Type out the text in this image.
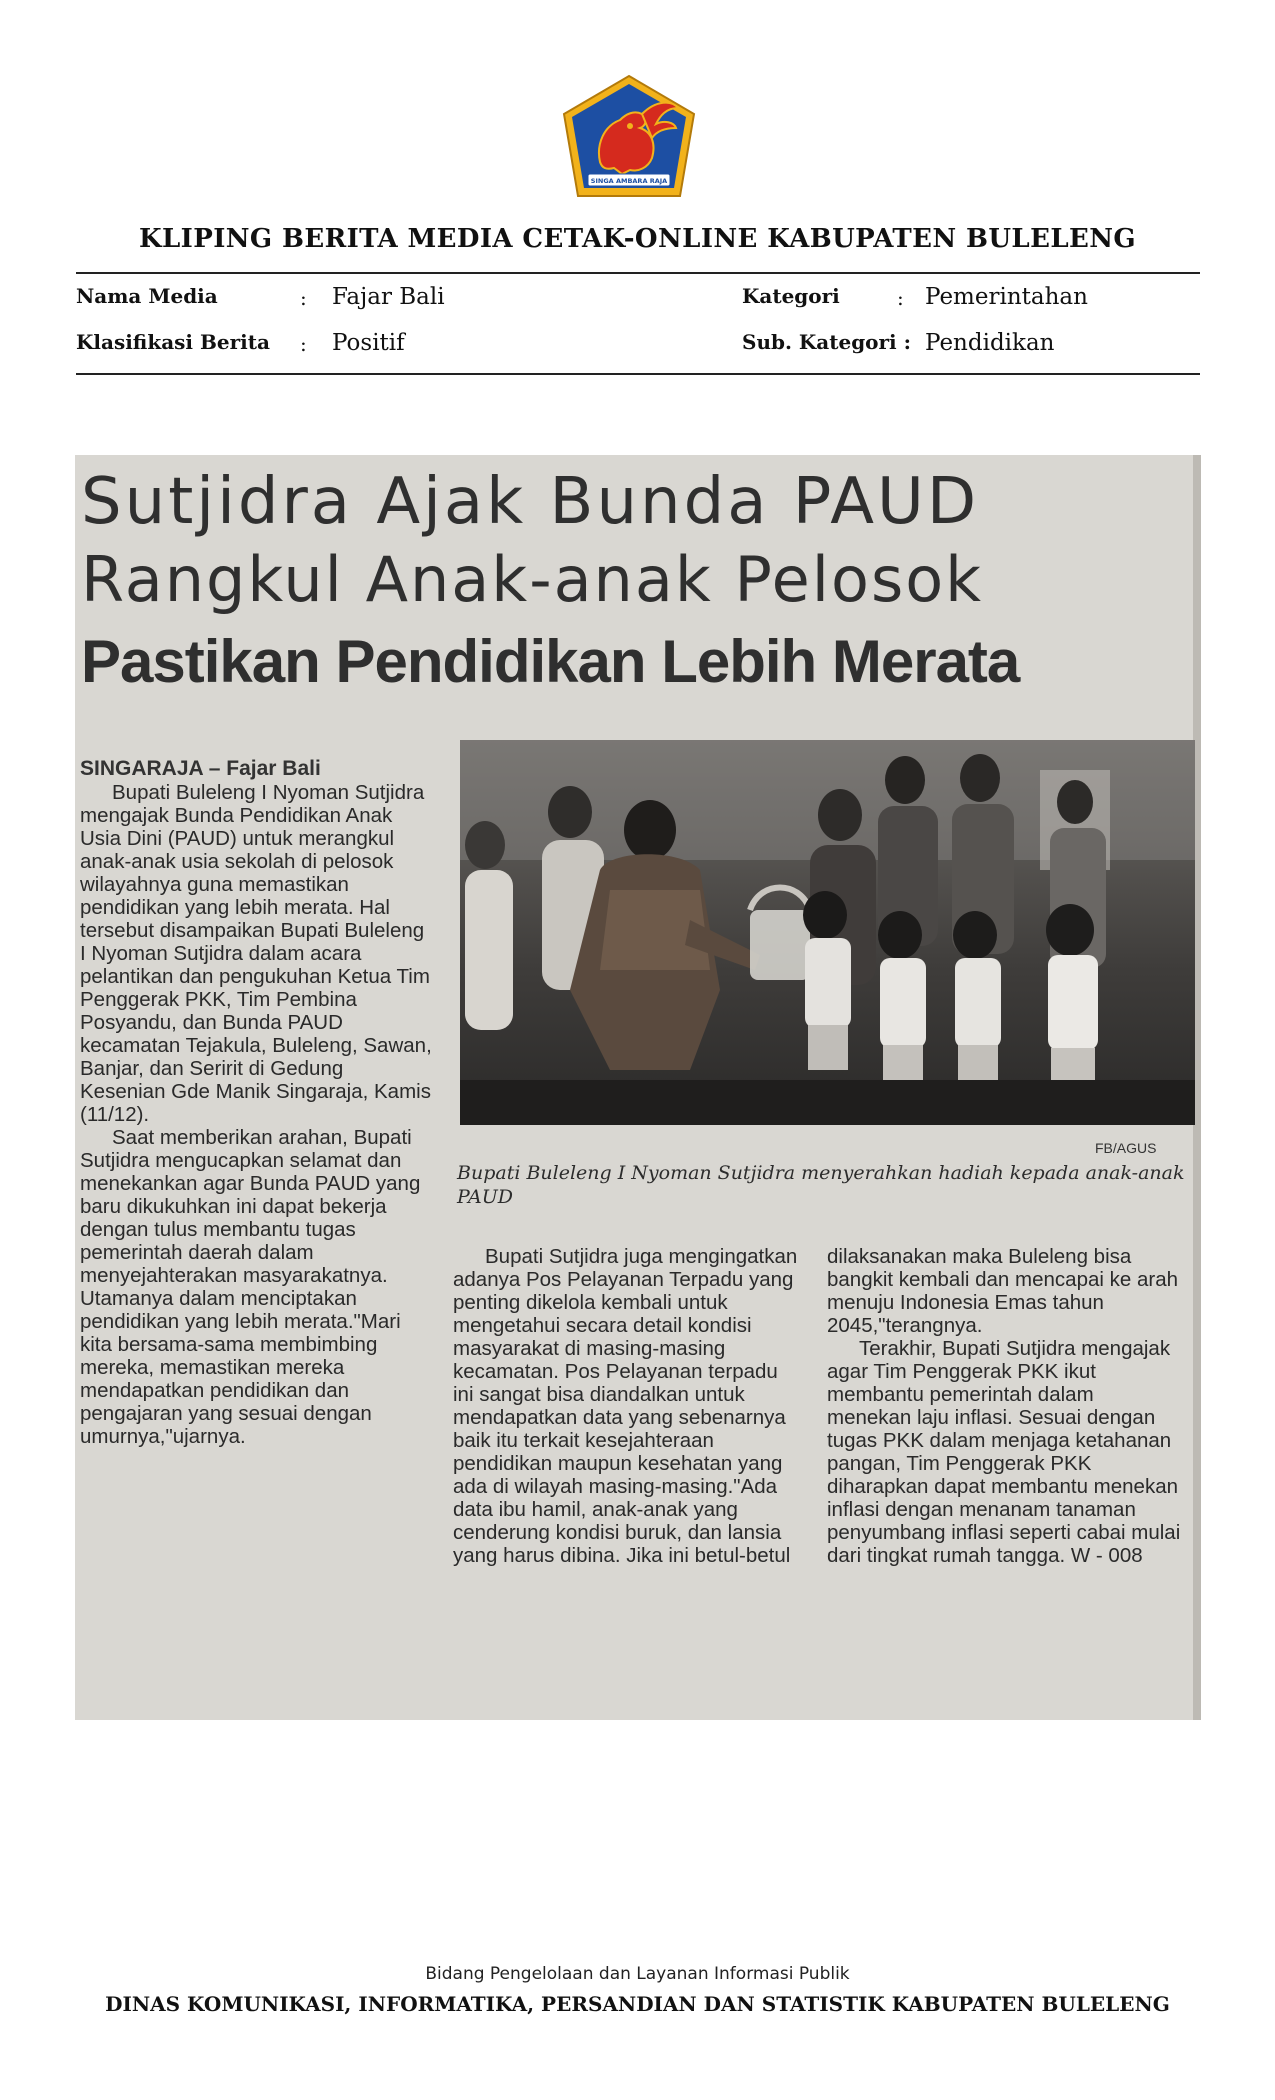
SINGA AMBARA RAJA
KLIPING BERITA MEDIA CETAK-ONLINE KABUPATEN BULELENG
Nama Media	: Fajar Bali	Kategori	: Pemerintahan
Klasifikasi Berita : Positif	Sub. Kategori : Pendidikan
Sutjidra Ajak Bunda PAUD
Rangkul Anak-anak Pelosok
Pastikan Pendidikan Lebih Merata
SINGARAJA – Fajar Bali

Bupati Buleleng I Nyoman Sutjidra mengajak Bunda Pendidikan Anak Usia Dini (PAUD) untuk merangkul anak-anak usia sekolah di pelosok wilayahnya guna memastikan pendidikan yang lebih merata. Hal tersebut disampaikan Bupati Buleleng I Nyoman Sutjidra dalam acara pelantikan dan pengukuhan Ketua Tim Penggerak PKK, Tim Pembina Posyandu, dan Bunda PAUD kecamatan Tejakula, Buleleng, Sawan, Banjar, dan Seririt di Gedung Kesenian Gde Manik Singaraja, Kamis (11/12).

Saat memberikan arahan, Bupati Sutjidra mengucapkan selamat dan menekankan agar Bunda PAUD yang baru dikukuhkan ini dapat bekerja dengan tulus membantu tugas pemerintah daerah dalam menyejahterakan masyarakatnya. Utamanya dalam menciptakan pendidikan yang lebih merata."Mari kita bersama-sama membimbing mereka, memastikan mereka mendapatkan pendidikan dan pengajaran yang sesuai dengan umurnya,"ujarnya.

FB/AGUS
Bupati Buleleng I Nyoman Sutjidra menyerahkan hadiah kepada anak-anak PAUD

Bupati Sutjidra juga mengingatkan adanya Pos Pelayanan Terpadu yang penting dikelola kembali untuk mengetahui secara detail kondisi masyarakat di masing-masing kecamatan. Pos Pelayanan terpadu ini sangat bisa diandalkan untuk mendapatkan data yang sebenarnya baik itu terkait kesejahteraan pendidikan maupun kesehatan yang ada di wilayah masing-masing."Ada data ibu hamil, anak-anak yang cenderung kondisi buruk, dan lansia yang harus dibina. Jika ini betul-betul

dilaksanakan maka Buleleng bisa bangkit kembali dan mencapai ke arah menuju Indonesia Emas tahun 2045,"terangnya.

Terakhir, Bupati Sutjidra mengajak agar Tim Penggerak PKK ikut membantu pemerintah dalam menekan laju inflasi. Sesuai dengan tugas PKK dalam menjaga ketahanan pangan, Tim Penggerak PKK diharapkan dapat membantu menekan inflasi dengan menanam tanaman penyumbang inflasi seperti cabai mulai dari tingkat rumah tangga. W - 008

Bidang Pengelolaan dan Layanan Informasi Publik
DINAS KOMUNIKASI, INFORMATIKA, PERSANDIAN DAN STATISTIK KABUPATEN BULELENG
